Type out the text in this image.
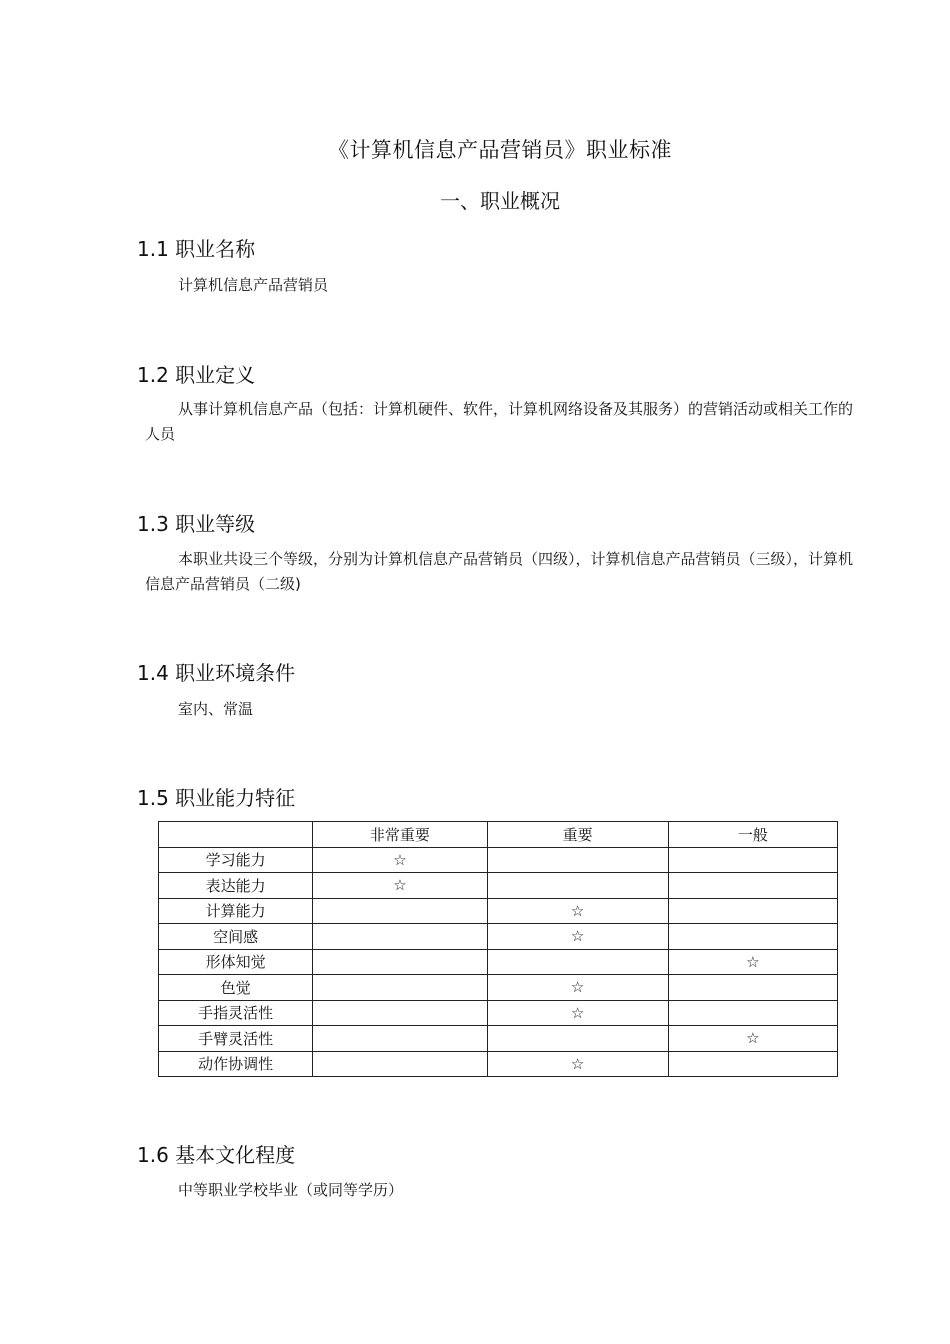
《计算机信息产品营销员》职业标准
一、职业概况
1.1 职业名称
计算机信息产品营销员
1.2 职业定义
从事计算机信息产品（包括：计算机硬件、软件，计算机网络设备及其服务）的营销活动或相关工作的人员
1.3 职业等级
本职业共设三个等级，分别为计算机信息产品营销员（四级），计算机信息产品营销员（三级），计算机信息产品营销员（二级)
1.4 职业环境条件
室内、常温
1.5 职业能力特征
	非常重要	重要	一般
学习能力	☆		
表达能力	☆		
计算能力		☆	
空间感		☆	
形体知觉			☆
色觉		☆	
手指灵活性		☆	
手臂灵活性			☆
动作协调性		☆	
1.6 基本文化程度
中等职业学校毕业（或同等学历）
